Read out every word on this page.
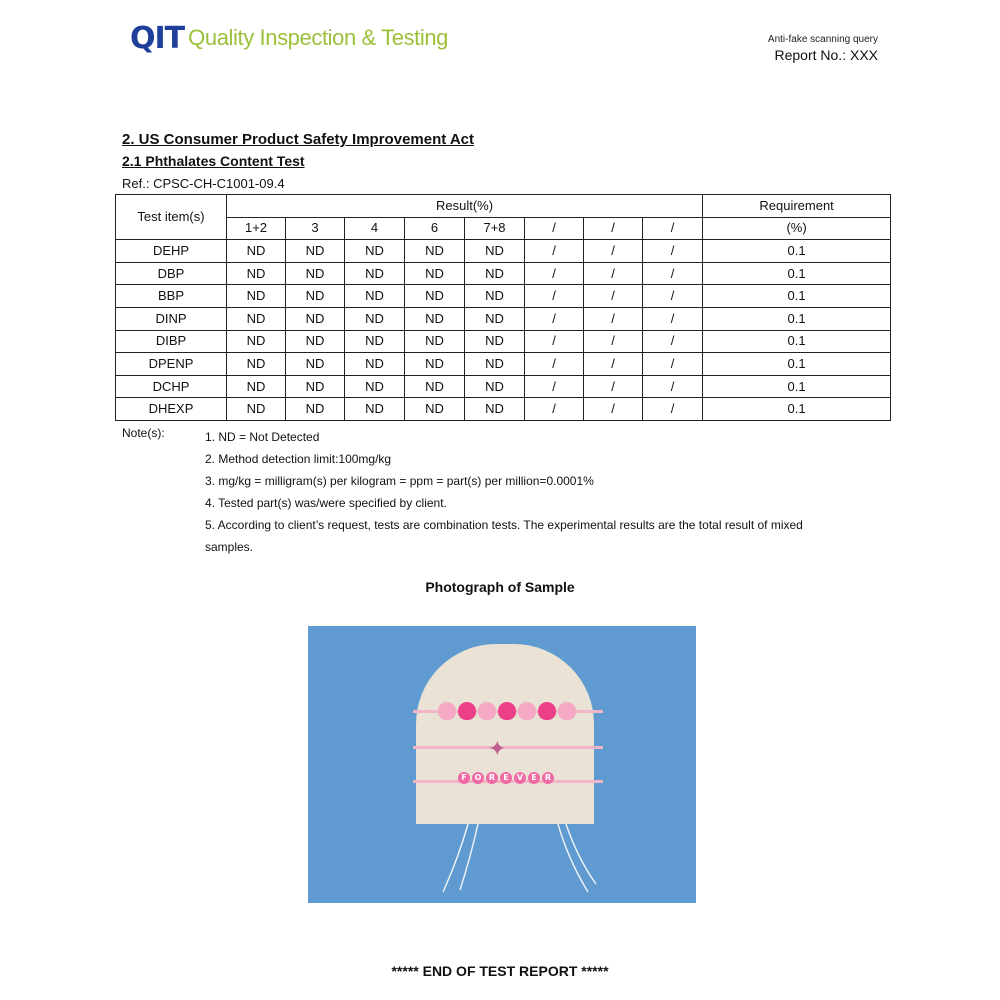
QIT Quality Inspection & Testing	Anti-fake scanning query
Report No.: XXX
2. US Consumer Product Safety Improvement Act
2.1 Phthalates Content Test
Ref.: CPSC-CH-C1001-09.4
Test item(s)	Result(%)								Requirement
	1+2	3	4	6	7+8	/	/	/	(%)
DEHP	ND	ND	ND	ND	ND	/	/	/	0.1
DBP	ND	ND	ND	ND	ND	/	/	/	0.1
BBP	ND	ND	ND	ND	ND	/	/	/	0.1
DINP	ND	ND	ND	ND	ND	/	/	/	0.1
DIBP	ND	ND	ND	ND	ND	/	/	/	0.1
DPENP	ND	ND	ND	ND	ND	/	/	/	0.1
DCHP	ND	ND	ND	ND	ND	/	/	/	0.1
DHEXP	ND	ND	ND	ND	ND	/	/	/	0.1
Note(s):	1. ND = Not Detected
2. Method detection limit:100mg/kg
3. mg/kg = milligram(s) per kilogram = ppm = part(s) per million=0.0001%
4. Tested part(s) was/were specified by client.
5. According to client’s request, tests are combination tests. The experimental results are the total result of mixed samples.
Photograph of Sample
✦
F O R	E	V	E	R
***** END OF TEST REPORT *****
